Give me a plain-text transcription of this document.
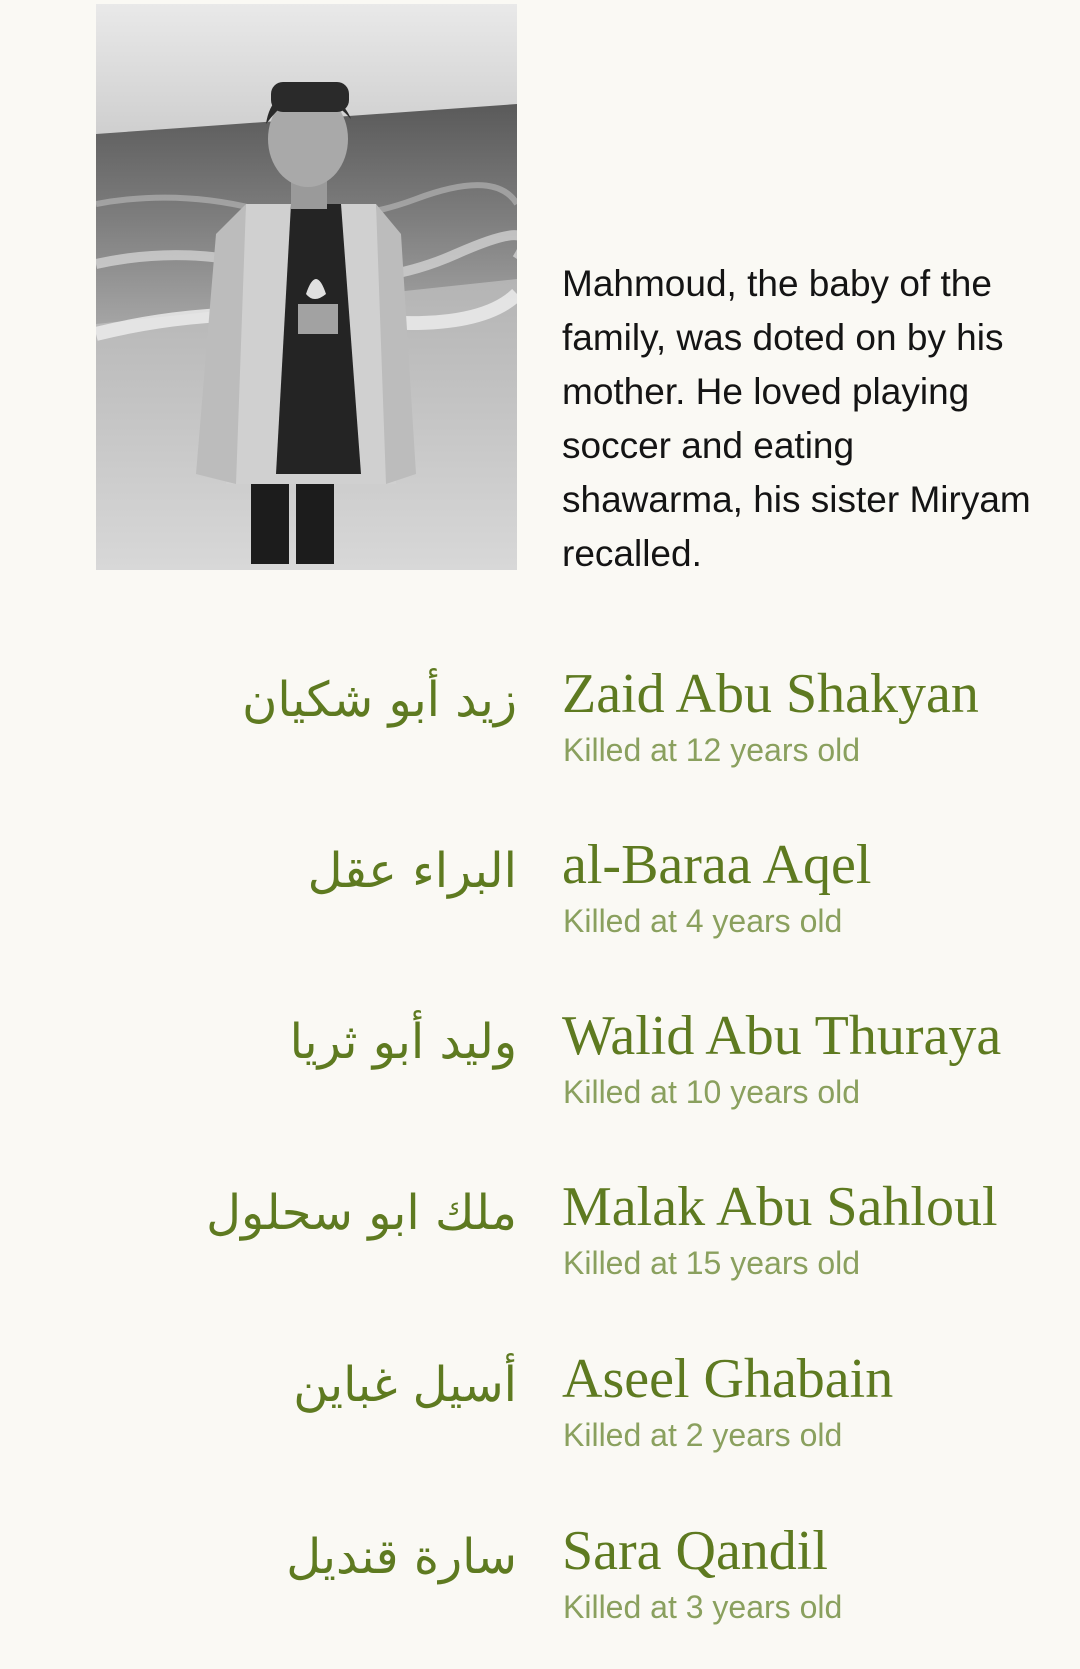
Mahmoud, the baby of the family, was doted on by his mother. He loved playing soccer and eating shawarma, his sister Miryam recalled.

زيد أبو شكيان Zaid Abu Shakyan
Killed at 12 years old
البراء عقل al-Baraa Aqel
Killed at 4 years old
وليد أبو ثريا Walid Abu Thuraya
Killed at 10 years old
ملك ابو سحلول Malak Abu Sahloul
Killed at 15 years old
أسيل غباين Aseel Ghabain
Killed at 2 years old
سارة قنديل Sara Qandil
Killed at 3 years old
